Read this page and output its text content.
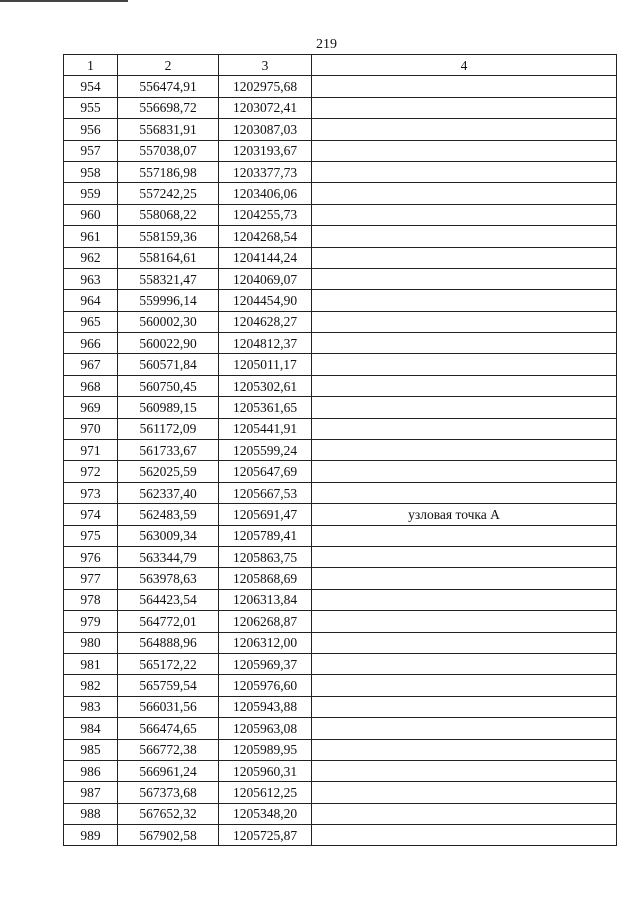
219
1	2	3	4
954	556474,91	1202975,68	
955	556698,72	1203072,41	
956	556831,91	1203087,03	
957	557038,07	1203193,67	
958	557186,98	1203377,73	
959	557242,25	1203406,06	
960	558068,22	1204255,73	
961	558159,36	1204268,54	
962	558164,61	1204144,24	
963	558321,47	1204069,07	
964	559996,14	1204454,90	
965	560002,30	1204628,27	
966	560022,90	1204812,37	
967	560571,84	1205011,17	
968	560750,45	1205302,61	
969	560989,15	1205361,65	
970	561172,09	1205441,91	
971	561733,67	1205599,24	
972	562025,59	1205647,69	
973	562337,40	1205667,53	
974	562483,59	1205691,47	узловая точка А
975	563009,34	1205789,41	
976	563344,79	1205863,75	
977	563978,63	1205868,69	
978	564423,54	1206313,84	
979	564772,01	1206268,87	
980	564888,96	1206312,00	
981	565172,22	1205969,37	
982	565759,54	1205976,60	
983	566031,56	1205943,88	
984	566474,65	1205963,08	
985	566772,38	1205989,95	
986	566961,24	1205960,31	
987	567373,68	1205612,25	
988	567652,32	1205348,20	
989	567902,58	1205725,87	
